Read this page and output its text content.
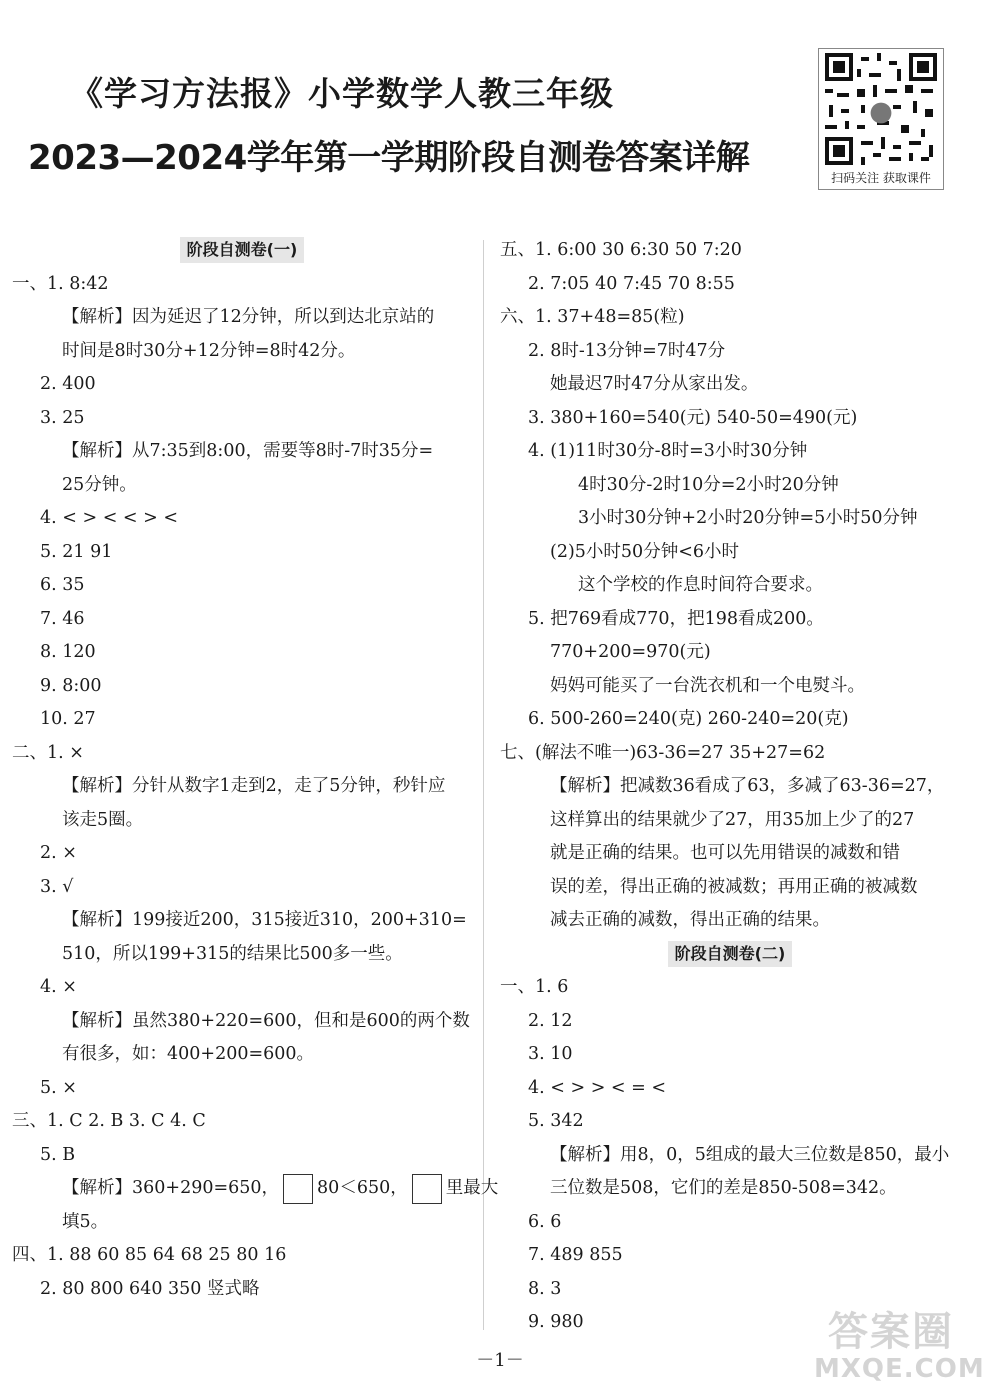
《学习方法报》小学数学人教三年级
2023—2024学年第一学期阶段自测卷答案详解	扫码关注 获取课件
阶段自测卷(一)
一、1. 8:42
【解析】因为延迟了12分钟，所以到达北京站的
时间是8时30分+12分钟=8时42分。
2. 400
3. 25
【解析】从7:35到8:00，需要等8时-7时35分=
25分钟。
4. < > < < > <
5. 21 91
6. 35
7. 46
8. 120
9. 8:00
10. 27
二、1. ×
【解析】分针从数字1走到2，走了5分钟，秒针应
该走5圈。
2. ×
3. √
【解析】199接近200，315接近310，200+310=
510，所以199+315的结果比500多一些。
4. ×
【解析】虽然380+220=600，但和是600的两个数
有很多，如：400+200=600。
5. ×
三、1. C 2. B 3. C 4. C
5. B
【解析】360+290=650， 80＜650， 里最大
填5。
四、1. 88 60 85 64 68 25 80 16
2. 80 800 640 350 竖式略
五、1. 6:00 30 6:30 50 7:20
2. 7:05 40 7:45 70 8:55
六、1. 37+48=85(粒)
2. 8时-13分钟=7时47分
她最迟7时47分从家出发。
3. 380+160=540(元) 540-50=490(元)
4. (1)11时30分-8时=3小时30分钟
4时30分-2时10分=2小时20分钟
3小时30分钟+2小时20分钟=5小时50分钟
(2)5小时50分钟<6小时
这个学校的作息时间符合要求。
5. 把769看成770，把198看成200。
770+200=970(元)
妈妈可能买了一台洗衣机和一个电熨斗。
6. 500-260=240(克) 260-240=20(克)
七、(解法不唯一)63-36=27 35+27=62
【解析】把减数36看成了63，多减了63-36=27，
这样算出的结果就少了27，用35加上少了的27
就是正确的结果。也可以先用错误的减数和错
误的差，得出正确的被减数；再用正确的被减数
减去正确的减数，得出正确的结果。
阶段自测卷(二)
一、1. 6
2. 12
3. 10
4. < > > < = <
5. 342
【解析】用8，0，5组成的最大三位数是850，最小
三位数是508，它们的差是850-508=342。
6. 6
7. 489 855
8. 3
9. 980
－1－
答案圈
MXQE.COM
